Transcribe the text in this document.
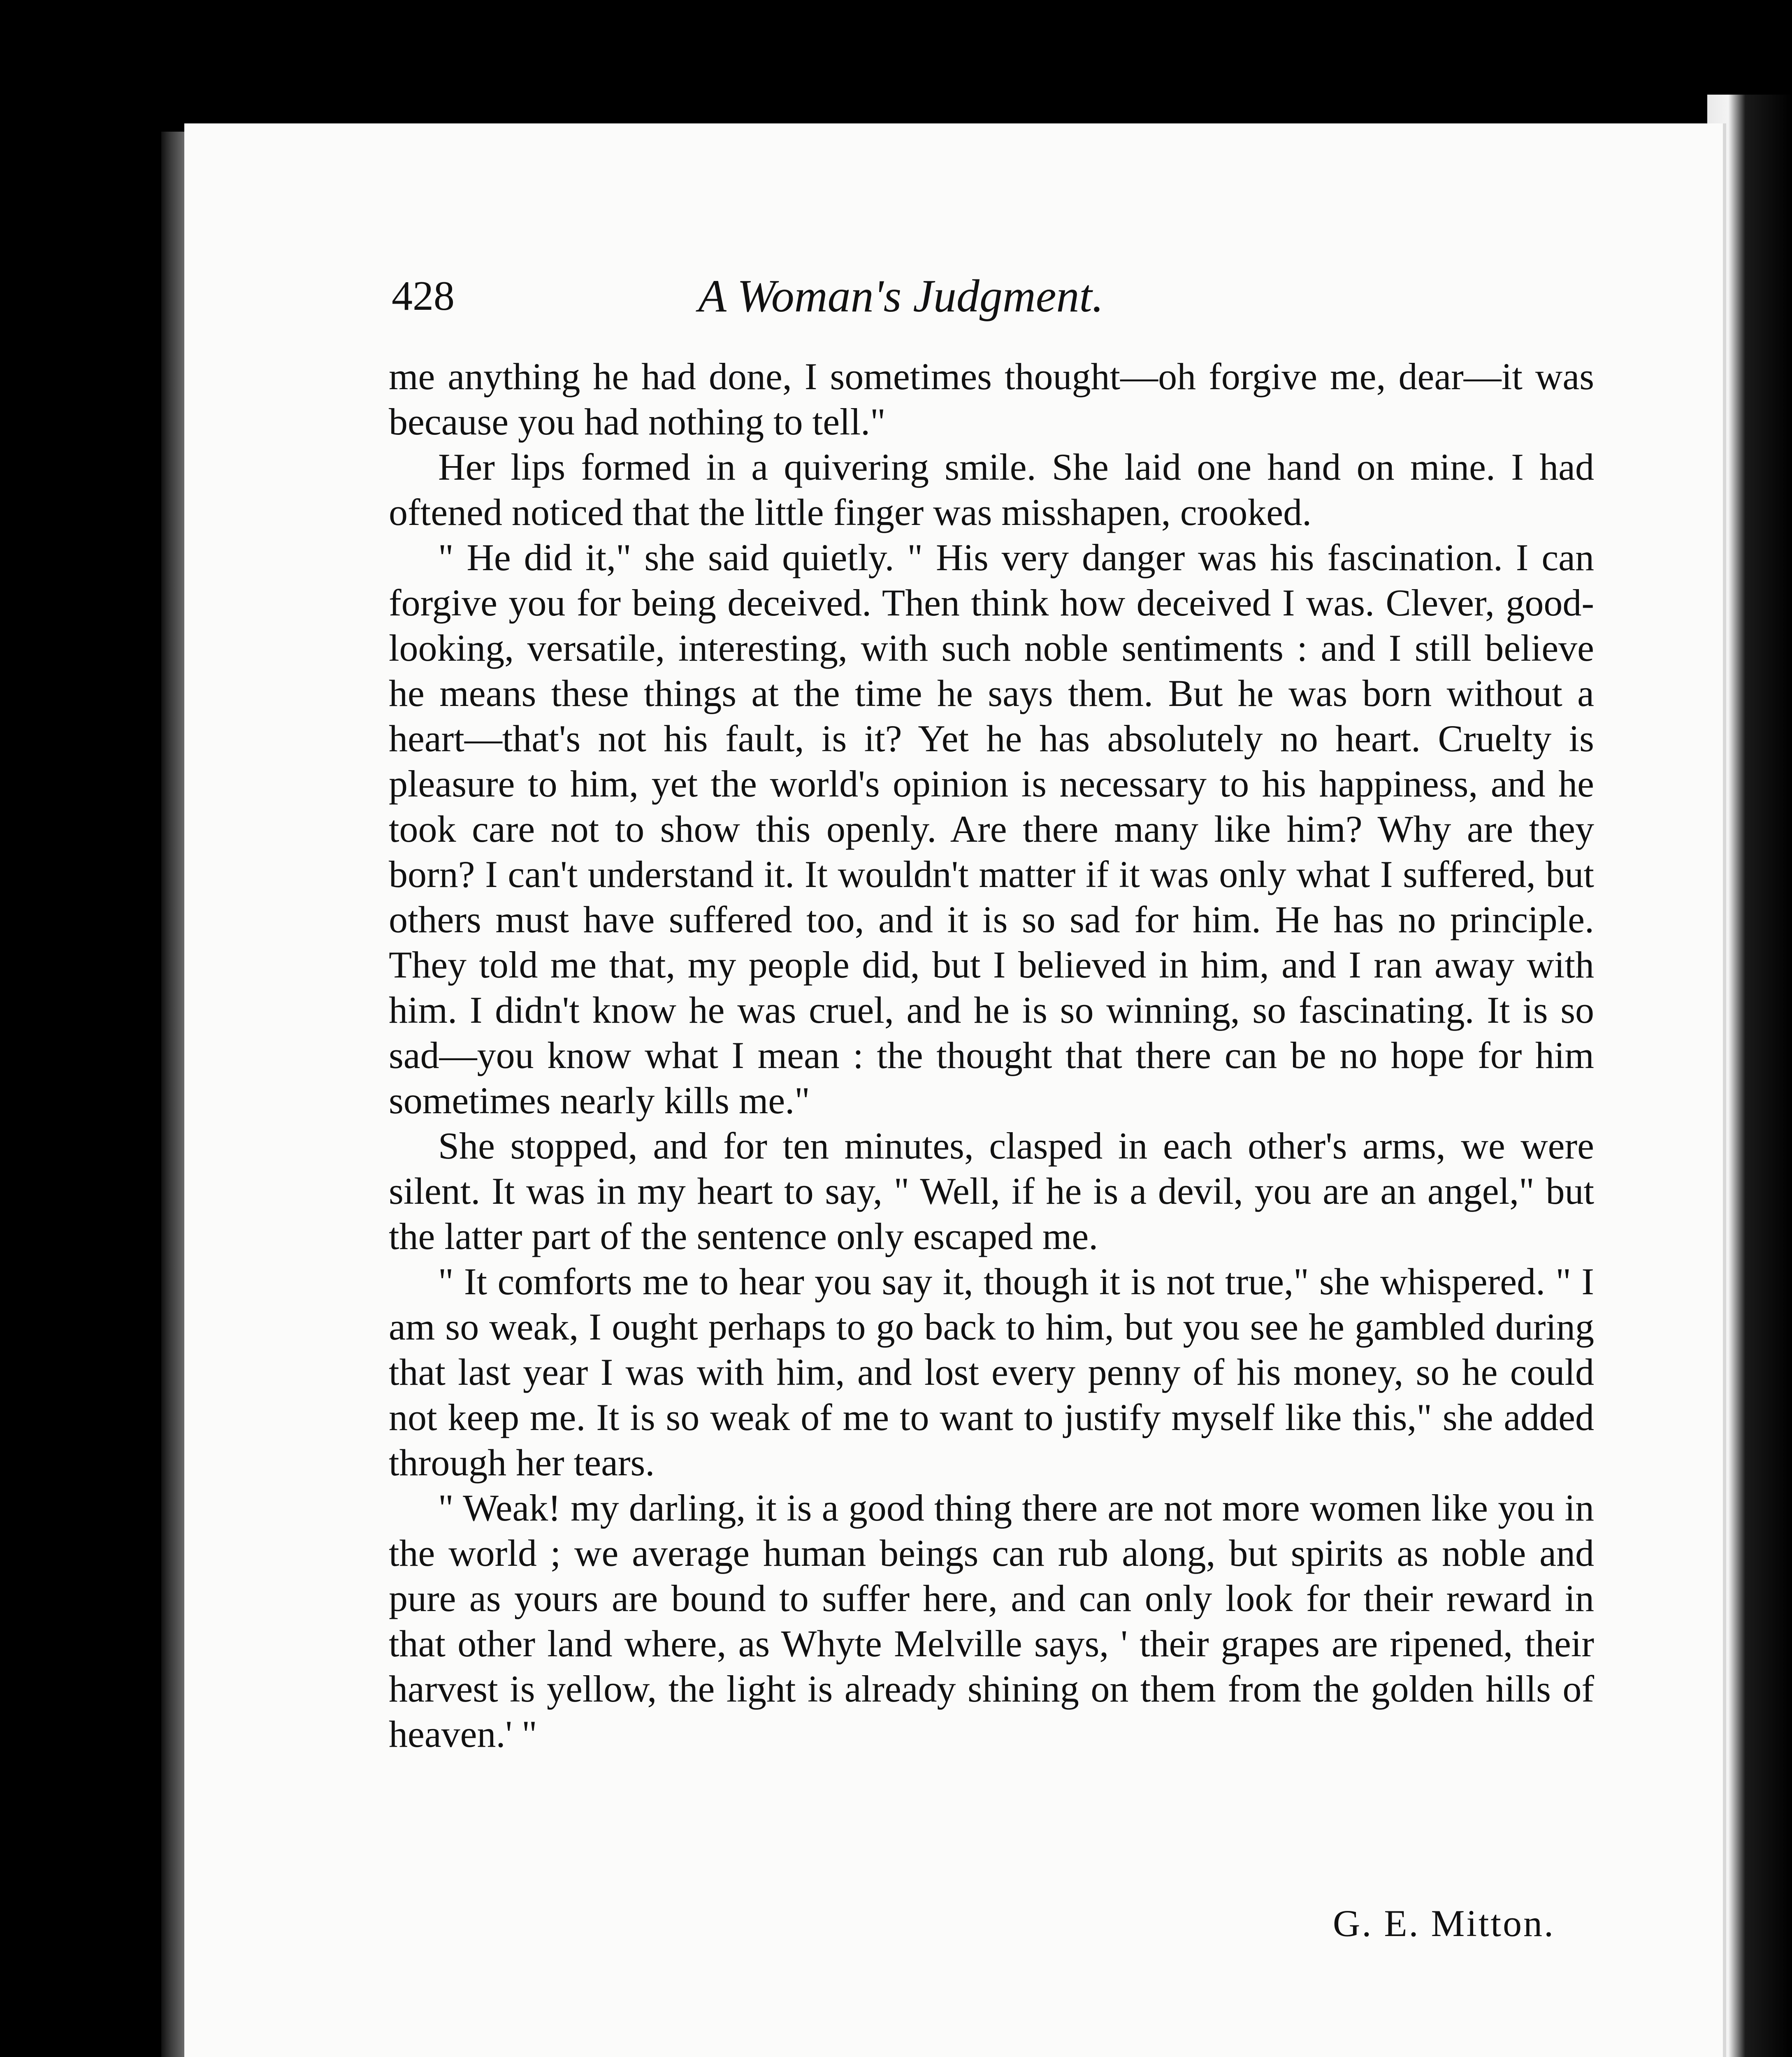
428	A Woman's Judgment.

me anything he had done, I sometimes thought—oh forgive me, dear—it was because you had nothing to tell."

Her lips formed in a quivering smile. She laid one hand on mine. I had oftened noticed that the little finger was misshapen, crooked.

" He did it," she said quietly. " His very danger was his fascination. I can forgive you for being deceived. Then think how deceived I was. Clever, good-looking, versatile, interesting, with such noble sentiments : and I still believe he means these things at the time he says them. But he was born without a heart—that's not his fault, is it? Yet he has absolutely no heart. Cruelty is pleasure to him, yet the world's opinion is necessary to his happiness, and he took care not to show this openly. Are there many like him? Why are they born? I can't understand it. It wouldn't matter if it was only what I suffered, but others must have suffered too, and it is so sad for him. He has no principle. They told me that, my people did, but I believed in him, and I ran away with him. I didn't know he was cruel, and he is so winning, so fascinating. It is so sad—you know what I mean : the thought that there can be no hope for him sometimes nearly kills me."

She stopped, and for ten minutes, clasped in each other's arms, we were silent. It was in my heart to say, " Well, if he is a devil, you are an angel," but the latter part of the sentence only escaped me.

" It comforts me to hear you say it, though it is not true," she whispered. " I am so weak, I ought perhaps to go back to him, but you see he gambled during that last year I was with him, and lost every penny of his money, so he could not keep me. It is so weak of me to want to justify myself like this," she added through her tears.

" Weak! my darling, it is a good thing there are not more women like you in the world ; we average human beings can rub along, but spirits as noble and pure as yours are bound to suffer here, and can only look for their reward in that other land where, as Whyte Melville says, ' their grapes are ripened, their harvest is yellow, the light is already shining on them from the golden hills of heaven.' "

G. E. Mitton.
